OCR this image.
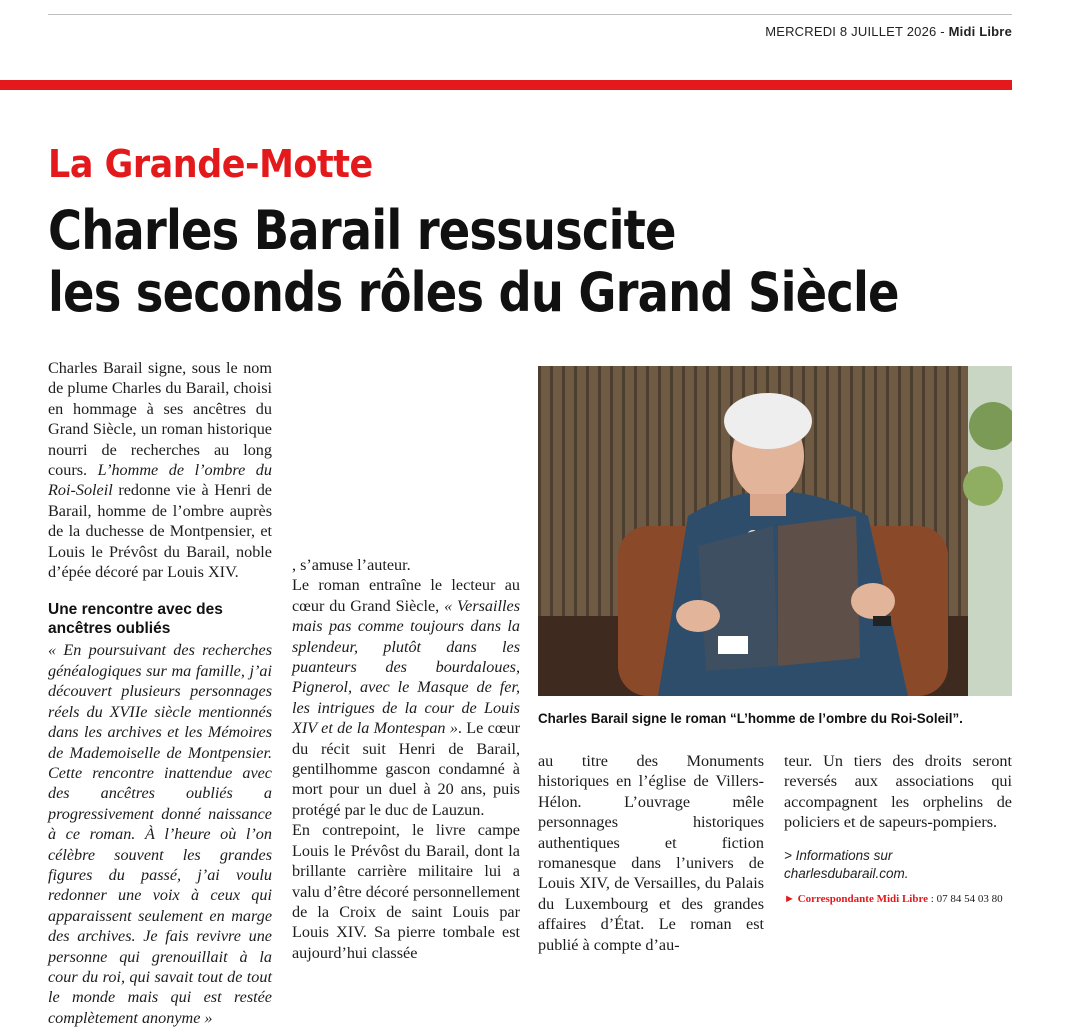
MERCREDI 8 JUILLET 2026 - Midi Libre
La Grande-Motte
Charles Barail ressuscite
les seconds rôles du Grand Siècle

Charles Barail signe, sous le nom de plume Charles du Barail, choisi en hommage à ses ancêtres du Grand Siècle, un roman historique nourri de recherches au long cours. L’homme de l’ombre du Roi-Soleil redonne vie à Henri de Barail, homme de l’ombre auprès de la duchesse de Montpensier, et Louis le Prévôst du Barail, noble d’épée décoré par Louis XIV.

Une rencontre avec des ancêtres oubliés

« En poursuivant des recherches généalogiques sur ma famille, j’ai découvert plusieurs personnages réels du XVIIe siècle mentionnés dans les archives et les Mémoires de Mademoiselle de Montpensier. Cette rencontre inattendue avec des ancêtres oubliés a progressivement donné naissance à ce roman. À l’heure où l’on célèbre souvent les grandes figures du passé, j’ai voulu redonner une voix à ceux qui apparaissent seulement en marge des archives. Je fais revivre une personne qui grenouillait à la cour du roi, qui savait tout de tout le monde mais qui est restée complètement anonyme »

, s’amuse l’auteur.

Le roman entraîne le lecteur au cœur du Grand Siècle, « Versailles mais pas comme toujours dans la splendeur, plutôt dans les puanteurs des bourdaloues, Pignerol, avec le Masque de fer, les intrigues de la cour de Louis XIV et de la Montespan ». Le cœur du récit suit Henri de Barail, gentilhomme gascon condamné à mort pour un duel à 20 ans, puis protégé par le duc de Lauzun.

En contrepoint, le livre campe Louis le Prévôst du Barail, dont la brillante carrière militaire lui a valu d’être décoré personnellement de la Croix de saint Louis par Louis XIV. Sa pierre tombale est aujourd’hui classée

Charles Barail signe le roman “L’homme de l’ombre du Roi-Soleil”.

au titre des Monuments historiques en l’église de Villers-Hélon. L’ouvrage mêle personnages historiques authentiques et fiction romanesque dans l’univers de Louis XIV, de Versailles, du Palais du Luxembourg et des grandes affaires d’État. Le roman est publié à compte d’au-

teur. Un tiers des droits seront reversés aux associations qui accompagnent les orphelins de policiers et de sapeurs-pompiers.

> Informations sur
charlesdubarail.com.
► Correspondante Midi Libre : 07 84 54 03 80
